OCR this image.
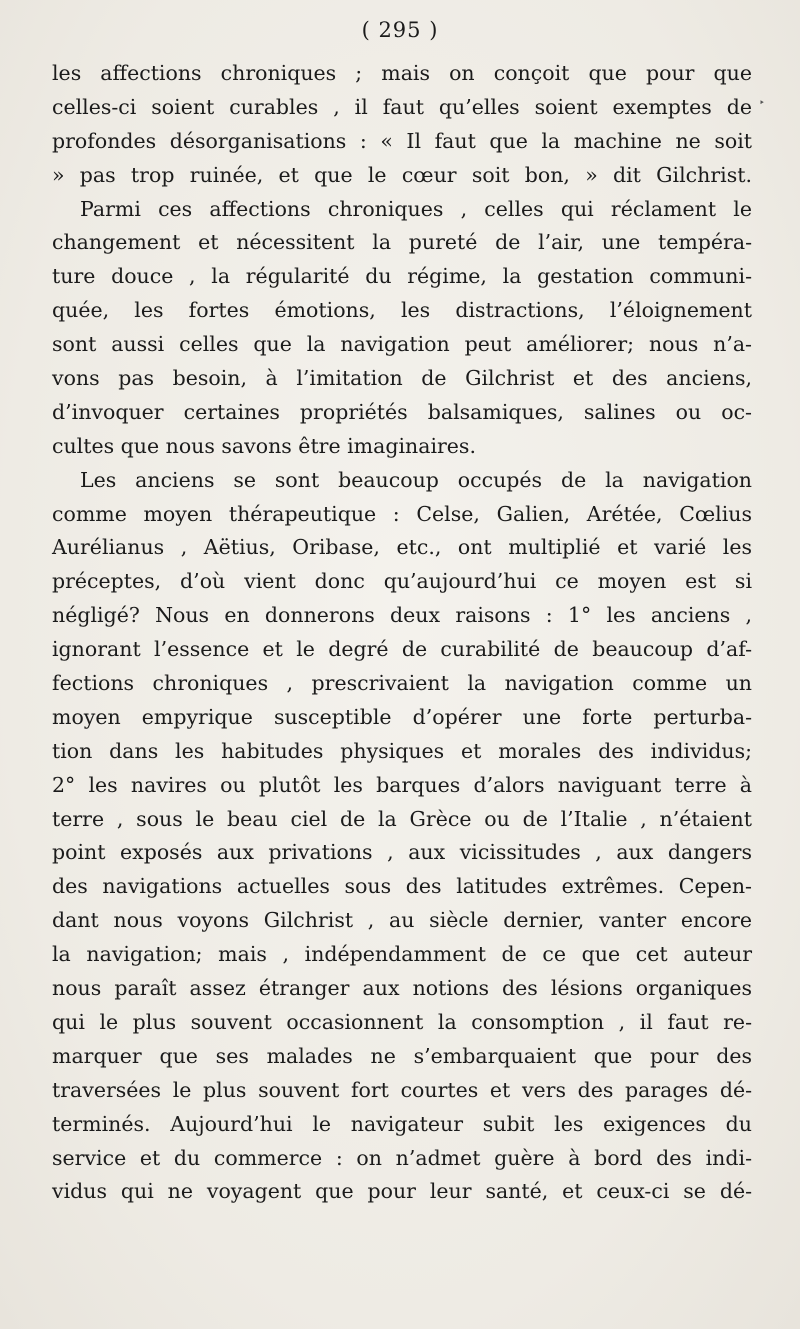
( 295 )
‣
les affections chroniques ; mais on conçoit que pour que
celles-ci soient curables , il faut qu’elles soient exemptes de
profondes désorganisations : « Il faut que la machine ne soit
» pas trop ruinée, et que le cœur soit bon, » dit Gilchrist.
Parmi ces affections chroniques , celles qui réclament le
changement et nécessitent la pureté de l’air, une tempéra-
ture douce , la régularité du régime, la gestation communi-
quée, les fortes émotions, les distractions, l’éloignement
sont aussi celles que la navigation peut améliorer; nous n’a-
vons pas besoin, à l’imitation de Gilchrist et des anciens,
d’invoquer certaines propriétés balsamiques, salines ou oc-
cultes que nous savons être imaginaires.
Les anciens se sont beaucoup occupés de la navigation
comme moyen thérapeutique : Celse, Galien, Arétée, Cœlius
Aurélianus , Aëtius, Oribase, etc., ont multiplié et varié les
préceptes, d’où vient donc qu’aujourd’hui ce moyen est si
négligé? Nous en donnerons deux raisons : 1° les anciens ,
ignorant l’essence et le degré de curabilité de beaucoup d’af-
fections chroniques , prescrivaient la navigation comme un
moyen empyrique susceptible d’opérer une forte perturba-
tion dans les habitudes physiques et morales des individus;
2° les navires ou plutôt les barques d’alors naviguant terre à
terre , sous le beau ciel de la Grèce ou de l’Italie , n’étaient
point exposés aux privations , aux vicissitudes , aux dangers
des navigations actuelles sous des latitudes extrêmes. Cepen-
dant nous voyons Gilchrist , au siècle dernier, vanter encore
la navigation; mais , indépendamment de ce que cet auteur
nous paraît assez étranger aux notions des lésions organiques
qui le plus souvent occasionnent la consomption , il faut re-
marquer que ses malades ne s’embarquaient que pour des
traversées le plus souvent fort courtes et vers des parages dé-
terminés. Aujourd’hui le navigateur subit les exigences du
service et du commerce : on n’admet guère à bord des indi-
vidus qui ne voyagent que pour leur santé, et ceux-ci se dé-
